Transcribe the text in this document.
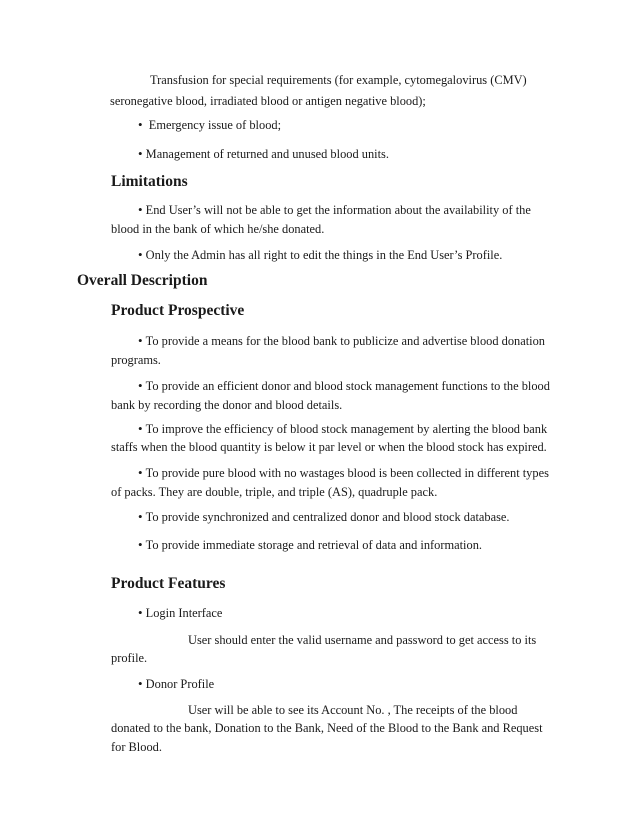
Transfusion for special requirements (for example, cytomegalovirus (CMV)
seronegative blood, irradiated blood or antigen negative blood);
• Emergency issue of blood;
• Management of returned and unused blood units.
Limitations
• End User’s will not be able to get the information about the availability of the
blood in the bank of which he/she donated.
• Only the Admin has all right to edit the things in the End User’s Profile.
Overall Description
Product Prospective
• To provide a means for the blood bank to publicize and advertise blood donation
programs.
• To provide an efficient donor and blood stock management functions to the blood
bank by recording the donor and blood details.
• To improve the efficiency of blood stock management by alerting the blood bank
staffs when the blood quantity is below it par level or when the blood stock has expired.
• To provide pure blood with no wastages blood is been collected in different types
of packs. They are double, triple, and triple (AS), quadruple pack.
• To provide synchronized and centralized donor and blood stock database.
• To provide immediate storage and retrieval of data and information.
Product Features
• Login Interface
User should enter the valid username and password to get access to its
profile.
• Donor Profile
User will be able to see its Account No. , The receipts of the blood
donated to the bank, Donation to the Bank, Need of the Blood to the Bank and Request
for Blood.
